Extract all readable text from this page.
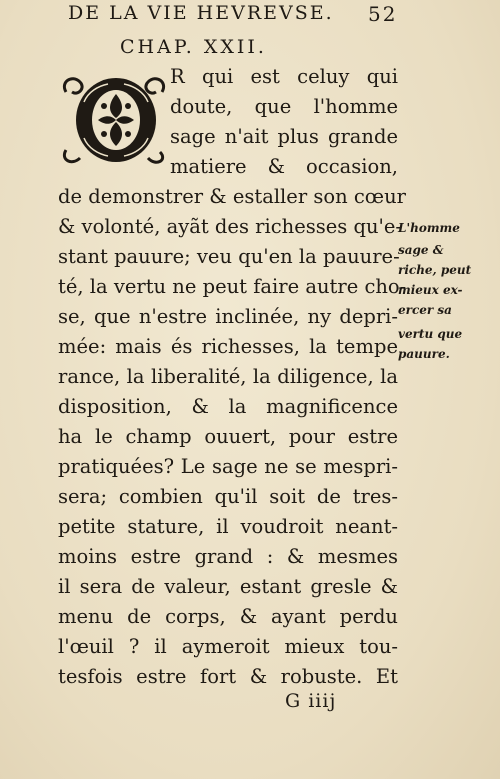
DE LA VIE HEVREVSE. 52
CHAP. XXII.
R qui est celuy qui
doute, que l'homme
sage n'ait plus grande
matiere & occasion,
de demonstrer & estaller son cœur
& volonté, ayãt des richesses qu'e-
stant pauure; veu qu'en la pauure-
té, la vertu ne peut faire autre cho-
se, que n'estre inclinée, ny depri-
mée: mais és richesses, la tempe
rance, la liberalité, la diligence, la
disposition, & la magnificence
ha le champ ouuert, pour estre
pratiquées? Le sage ne se mespri-
sera; combien qu'il soit de tres-
petite stature, il voudroit neant-
moins estre grand : & mesmes
il sera de valeur, estant gresle &
menu de corps, & ayant perdu
l'œuil ? il aymeroit mieux tou-
tesfois estre fort & robuste. Et
L'homme
sage &
riche, peut
mieux ex-
ercer sa
vertu que
pauure.
G iiij
